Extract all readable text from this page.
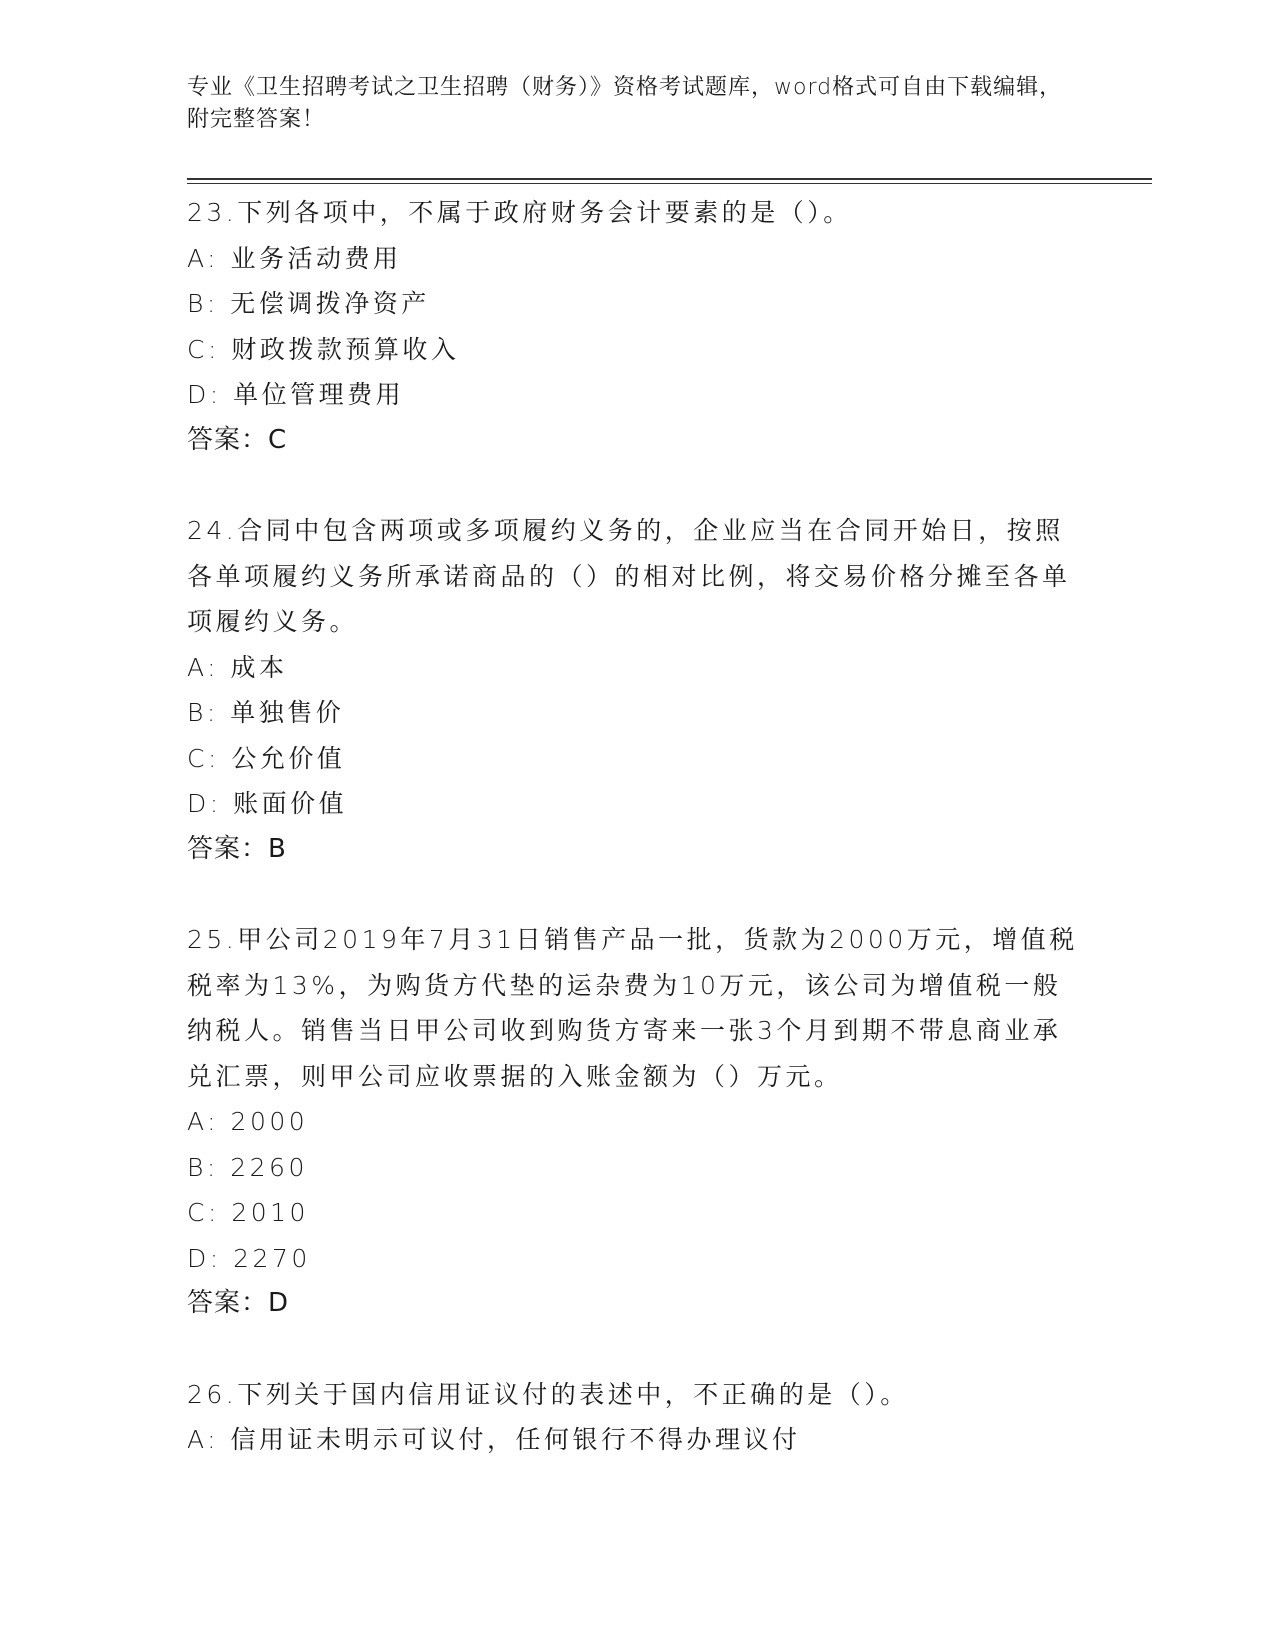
专业《卫生招聘考试之卫生招聘（财务）》资格考试题库，word格式可自由下载编辑，附完整答案！
23.下列各项中，不属于政府财务会计要素的是（）。
A: 业务活动费用
B: 无偿调拨净资产
C: 财政拨款预算收入
D: 单位管理费用
答案：C
24.合同中包含两项或多项履约义务的，企业应当在合同开始日，按照各单项履约义务所承诺商品的（）的相对比例，将交易价格分摊至各单项履约义务。
A: 成本
B: 单独售价
C: 公允价值
D: 账面价值
答案：B
25.甲公司2019年7月31日销售产品一批，货款为2000万元，增值税税率为13%，为购货方代垫的运杂费为10万元，该公司为增值税一般纳税人。销售当日甲公司收到购货方寄来一张3个月到期不带息商业承兑汇票，则甲公司应收票据的入账金额为（）万元。
A: 2000
B: 2260
C: 2010
D: 2270
答案：D
26.下列关于国内信用证议付的表述中，不正确的是（）。
A: 信用证未明示可议付，任何银行不得办理议付
